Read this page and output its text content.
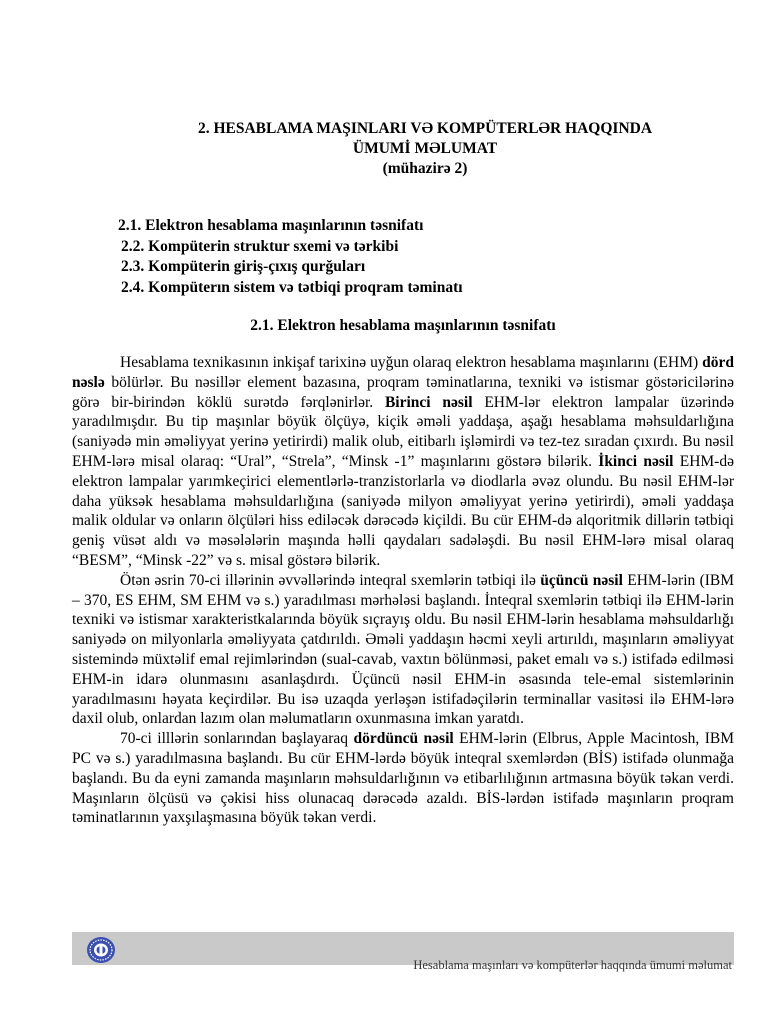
2. HESABLAMA MAŞINLARI VƏ KOMPÜTERLƏR HAQQINDA
ÜMUMİ MƏLUMAT
(mühazirə 2)
2.1. Elektron hesablama maşınlarının təsnifatı
2.2. Kompüterin struktur sxemi və tərkibi
2.3. Kompüterin giriş-çıxış qurğuları
2.4. Kompüterın sistem və tətbiqi proqram təminatı
2.1. Elektron hesablama maşınlarının təsnifatı

Hesablama texnikasının inkişaf tarixinə uyğun olaraq elektron hesablama maşınlarını (EHM) dörd nəslə bölürlər. Bu nəsillər element bazasına, proqram təminatlarına, texniki və istismar göstəricilərinə görə bir-birindən köklü surətdə fərqlənirlər. Birinci nəsil EHM-lər elektron lampalar üzərində yaradılmışdır. Bu tip maşınlar böyük ölçüyə, kiçik əməli yaddaşa, aşağı hesablama məhsuldarlığına (saniyədə min əməliyyat yerinə yetirirdi) malik olub, eitibarlı işləmirdi və tez-tez sıradan çıxırdı. Bu nəsil EHM-lərə misal olaraq: “Ural”, “Strela”, “Minsk -1” maşınlarını göstərə bilərik. İkinci nəsil EHM-də elektron lampalar yarımkeçirici elementlərlə-tranzistorlarla və diodlarla əvəz olundu. Bu nəsil EHM-lər daha yüksək hesablama məhsuldarlığına (saniyədə milyon əməliyyat yerinə yetirirdi), əməli yaddaşa malik oldular və onların ölçüləri hiss ediləcək dərəcədə kiçildi. Bu cür EHM-də alqoritmik dillərin tətbiqi geniş vüsət aldı və məsələlərin maşında həlli qaydaları sadələşdi. Bu nəsil EHM-lərə misal olaraq “BESM”, “Minsk -22” və s. misal göstərə bilərik.

Ötən əsrin 70-ci illərinin əvvəllərində inteqral sxemlərin tətbiqi ilə üçüncü nəsil EHM-lərin (IBM – 370, ES EHM, SM EHM və s.) yaradılması mərhələsi başlandı. İnteqral sxemlərin tətbiqi ilə EHM-lərin texniki və istismar xarakteristkalarında böyük sıçrayış oldu. Bu nəsil EHM-lərin hesablama məhsuldarlığı saniyədə on milyonlarla əməliyyata çatdırıldı. Əməli yaddaşın həcmi xeyli artırıldı, maşınların əməliyyat sistemində müxtəlif emal rejimlərindən (sual-cavab, vaxtın bölünməsi, paket emalı və s.) istifadə edilməsi EHM-in idarə olunmasını asanlaşdırdı. Üçüncü nəsil EHM-in əsasında tele-emal sistemlərinin yaradılmasını həyata keçirdilər. Bu isə uzaqda yerləşən istifadəçilərin terminallar vasitəsi ilə EHM-lərə daxil olub, onlardan lazım olan məlumatların oxunmasına imkan yaratdı.

70-ci illlərin sonlarından başlayaraq dördüncü nəsil EHM-lərin (Elbrus, Apple Macintosh, IBM PC və s.) yaradılmasına başlandı. Bu cür EHM-lərdə böyük inteqral sxemlərdən (BİS) istifadə olunmağa başlandı. Bu da eyni zamanda maşınların məhsuldarlığının və etibarlılığının artmasına böyük təkan verdi. Maşınların ölçüsü və çəkisi hiss olunacaq dərəcədə azaldı. BİS-lərdən istifadə maşınların proqram təminatlarının yaxşılaşmasına böyük təkan verdi.

Hesablama maşınları və kompüterlər haqqında ümumi məlumat
